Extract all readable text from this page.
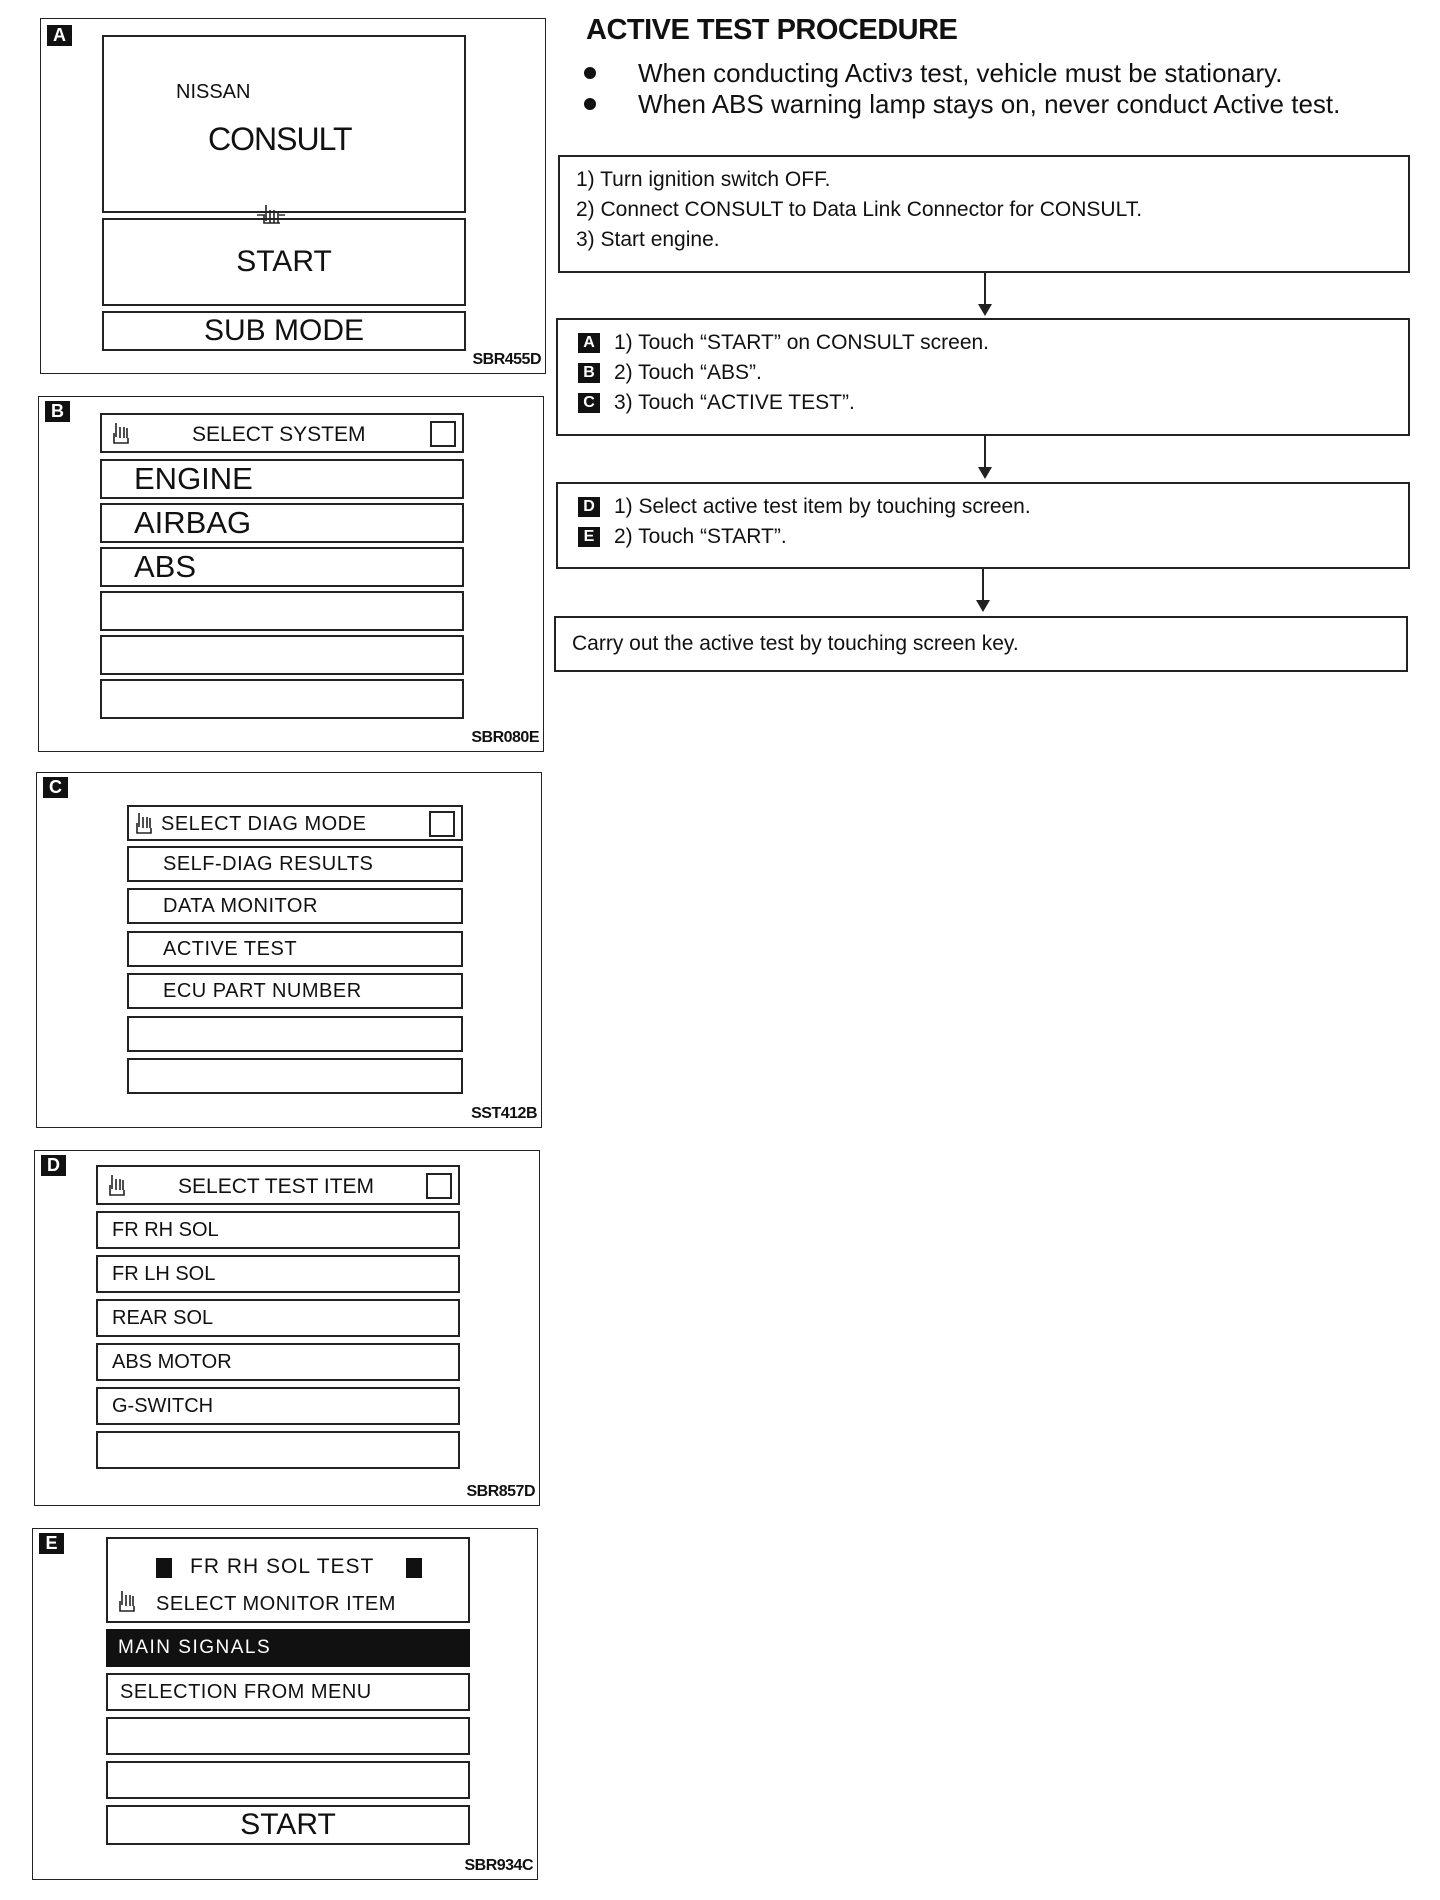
A
NISSAN
CONSULT
START
SUB MODE
SBR455D
B
SELECT SYSTEM
ENGINE
AIRBAG
ABS
SBR080E
C
SELECT DIAG MODE
SELF-DIAG RESULTS
DATA MONITOR
ACTIVE TEST
ECU PART NUMBER
SST412B
D
SELECT TEST ITEM
FR RH SOL
FR LH SOL
REAR SOL
ABS MOTOR
G-SWITCH
SBR857D
E
FR RH SOL TEST
SELECT MONITOR ITEM
MAIN SIGNALS
SELECTION FROM MENU
START
SBR934C
ACTIVE TEST PROCEDURE
When conducting Activз test, vehicle must be stationary.
When ABS warning lamp stays on, never conduct Active test.
1) Turn ignition switch OFF.
2) Connect CONSULT to Data Link Connector for CONSULT.
3) Start engine.
A 1) Touch “START” on CONSULT screen.
B 2) Touch “ABS”.
C 3) Touch “ACTIVE TEST”.
D 1) Select active test item by touching screen.
E 2) Touch “START”.
Carry out the active test by touching screen key.
